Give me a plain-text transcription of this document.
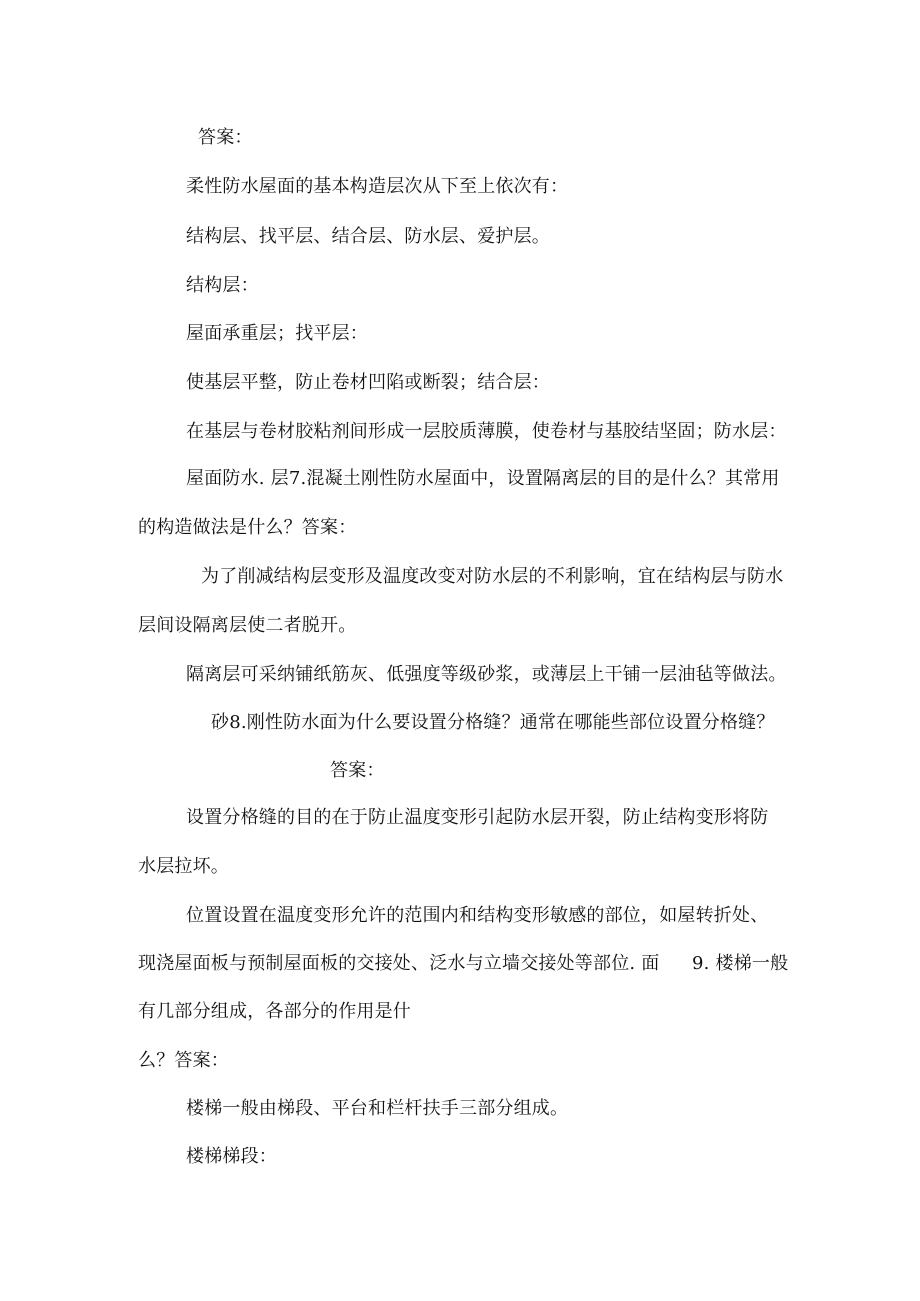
答案：
柔性防水屋面的基本构造层次从下至上依次有：
结构层、找平层、结合层、防水层、爱护层。
结构层：
屋面承重层；找平层：
使基层平整，防止卷材凹陷或断裂；结合层：
在基层与卷材胶粘剂间形成一层胶质薄膜，使卷材与基胶结坚固；防水层：
屋面防水. 层7.混凝土刚性防水屋面中，设置隔离层的目的是什么？其常用
的构造做法是什么？答案：
为了削减结构层变形及温度改变对防水层的不利影响，宜在结构层与防水
层间设隔离层使二者脱开。
隔离层可采纳铺纸筋灰、低强度等级砂浆，或薄层上干铺一层油毡等做法。
砂8.刚性防水面为什么要设置分格缝？通常在哪能些部位设置分格缝？
答案：
设置分格缝的目的在于防止温度变形引起防水层开裂，防止结构变形将防
水层拉坏。
位置设置在温度变形允许的范围内和结构变形敏感的部位，如屋转折处、
现浇屋面板与预制屋面板的交接处、泛水与立墙交接处等部位. 面 9. 楼梯一般
有几部分组成，各部分的作用是什
么？答案：
楼梯一般由梯段、平台和栏杆扶手三部分组成。
楼梯梯段：
